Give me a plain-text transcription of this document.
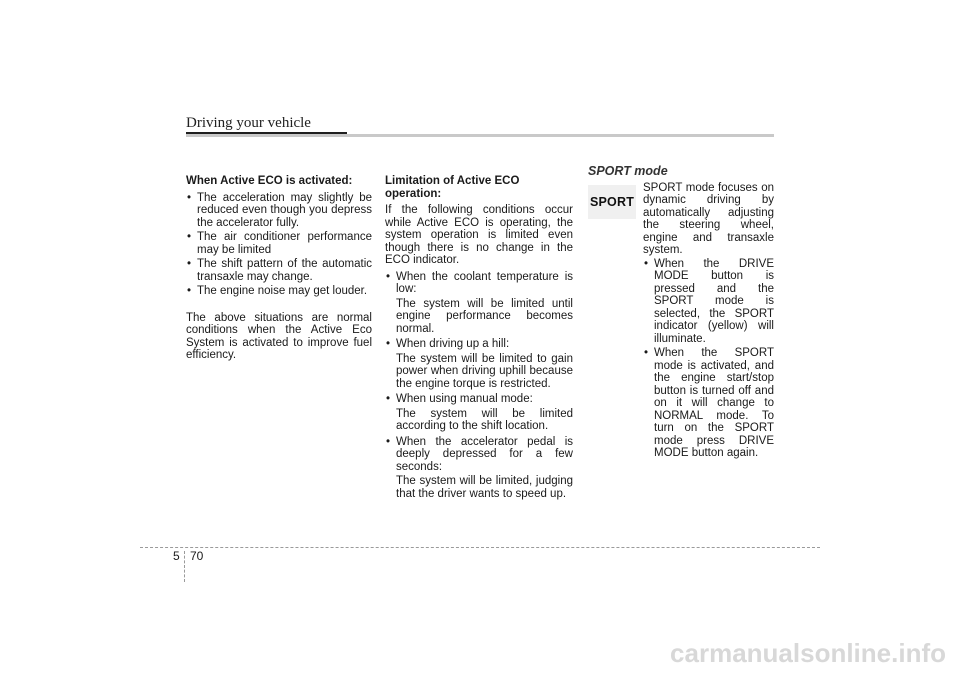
Driving your vehicle
When Active ECO is activated:
• The acceleration may slightly be reduced even though you depress the accelerator fully.
• The air conditioner performance may be limited
• The shift pattern of the automatic transaxle may change.
• The engine noise may get louder.

The above situations are normal conditions when the Active Eco System is activated to improve fuel efficiency.

Limitation of Active ECO operation:

If the following conditions occur while Active ECO is operating, the system operation is limited even though there is no change in the ECO indicator.

• When the coolant temperature is low:
The system will be limited until engine performance becomes normal.
• When driving up a hill:
The system will be limited to gain power when driving uphill because the engine torque is restricted.
• When using manual mode:
The system will be limited according to the shift location.
• When the accelerator pedal is deeply depressed for a few seconds:
The system will be limited, judging that the driver wants to speed up.
SPORT mode
SPORT

SPORT mode focuses on dynamic driving by automatically adjusting the steering wheel, engine and transaxle system.

• When the DRIVE MODE button is pressed and the SPORT mode is selected, the SPORT indicator (yellow) will illuminate.
• When the SPORT mode is activated, and the engine start/stop button is turned off and on it will change to NORMAL mode. To turn on the SPORT mode press DRIVE MODE button again.
5 70
carmanualsonline.info
